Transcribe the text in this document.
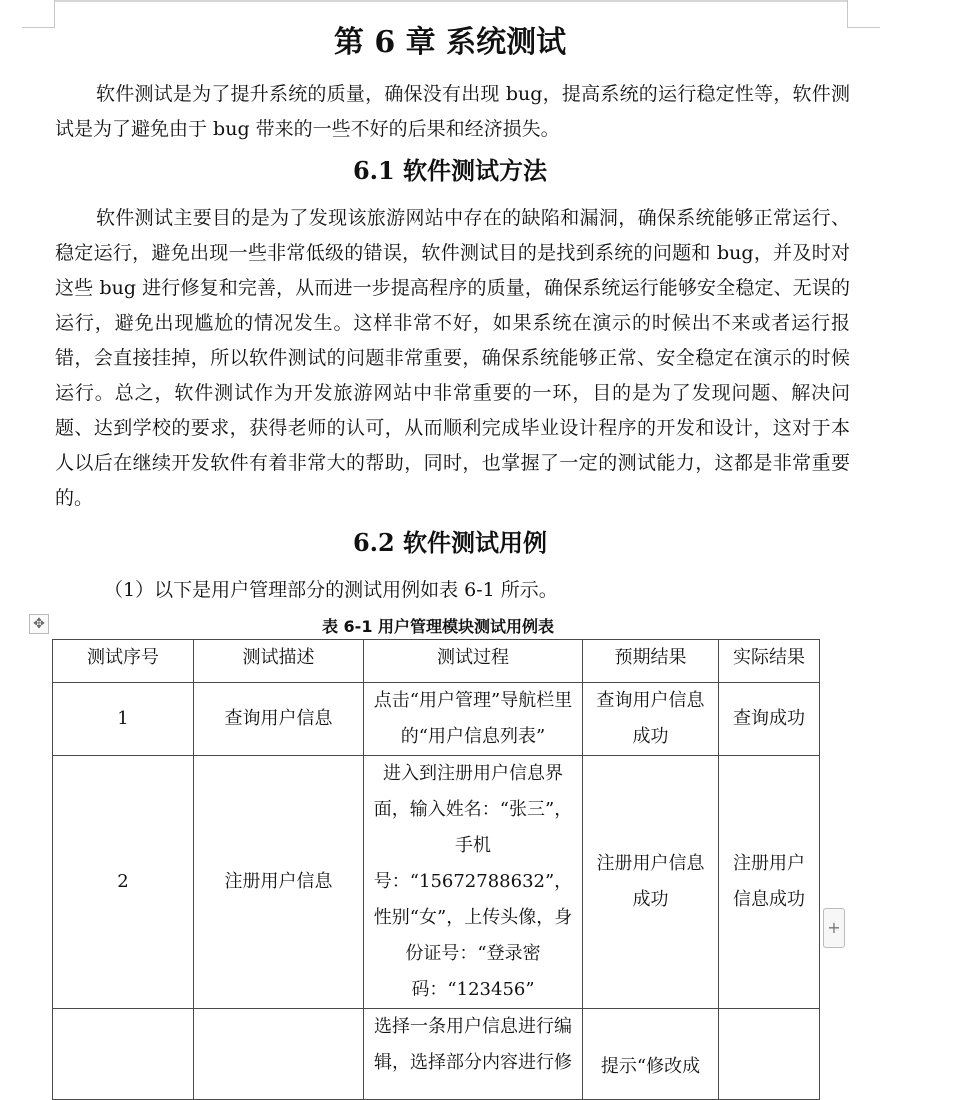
第 6 章 系统测试

软件测试是为了提升系统的质量，确保没有出现 bug，提高系统的运行稳定性等，软件测试是为了避免由于 bug 带来的一些不好的后果和经济损失。

6.1 软件测试方法

软件测试主要目的是为了发现该旅游网站中存在的缺陷和漏洞，确保系统能够正常运行、稳定运行，避免出现一些非常低级的错误，软件测试目的是找到系统的问题和 bug，并及时对这些 bug 进行修复和完善，从而进一步提高程序的质量，确保系统运行能够安全稳定、无误的运行，避免出现尴尬的情况发生。这样非常不好，如果系统在演示的时候出不来或者运行报错，会直接挂掉，所以软件测试的问题非常重要，确保系统能够正常、安全稳定在演示的时候运行。总之，软件测试作为开发旅游网站中非常重要的一环，目的是为了发现问题、解决问题、达到学校的要求，获得老师的认可，从而顺利完成毕业设计程序的开发和设计，这对于本人以后在继续开发软件有着非常大的帮助，同时，也掌握了一定的测试能力，这都是非常重要的。

6.2 软件测试用例

（1）以下是用户管理部分的测试用例如表 6-1 所示。

✥	表 6-1 用户管理模块测试用例表
测试序号	测试描述	测试过程	预期结果	实际结果
1	查询用户信息	点击“用户管理”导航栏里的“用户信息列表”	查询用户信息成功	查询成功
2	注册用户信息	进入到注册用户信息界面，输入姓名：“张三”，手机号：“15672788632”，性别“女”，上传头像，身份证号：“登录密码：“123456”	注册用户信息成功	注册用户信息成功
		选择一条用户信息进行编辑，选择部分内容进行修	提示“修改成	

+
